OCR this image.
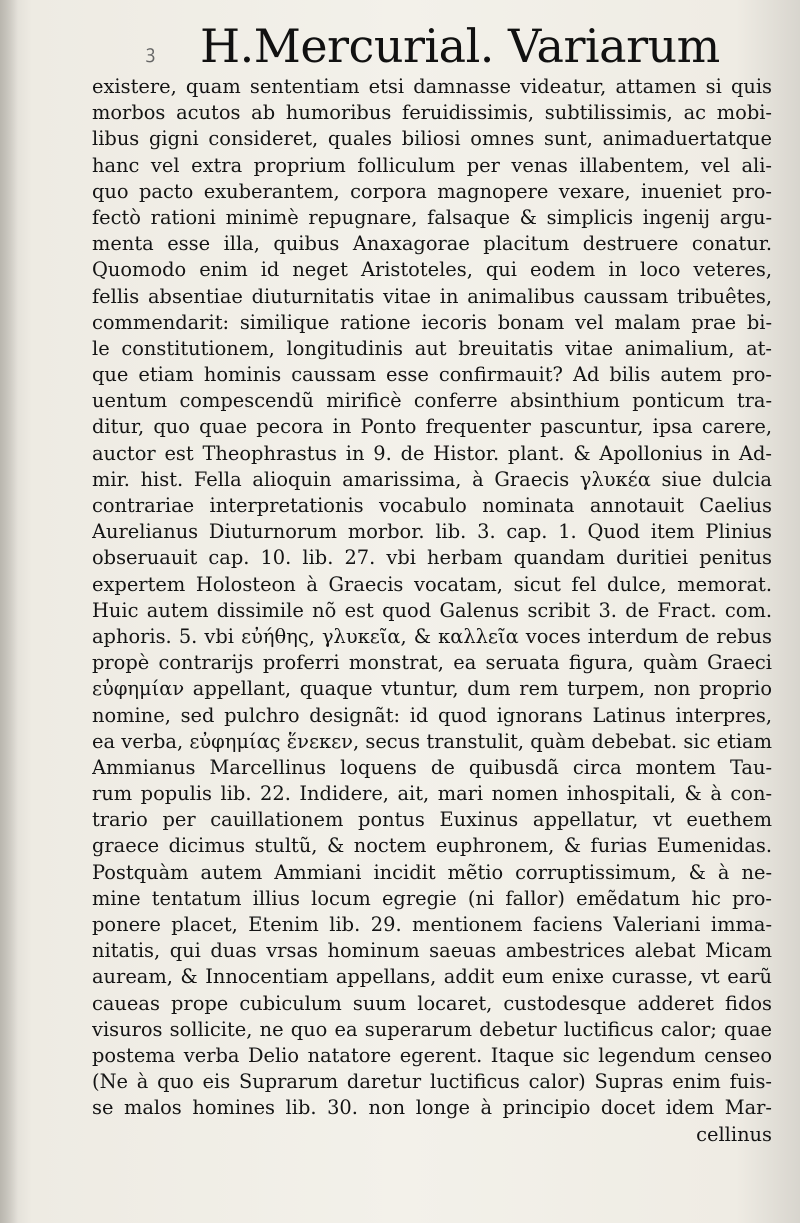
ꝫ H.Mercurial. Variarum
existere, quam sententiam etsi damnasse videatur, attamen si quis
morbos acutos ab humoribus feruidissimis, subtilissimis, ac mobi-
libus gigni consideret, quales biliosi omnes sunt, animaduertatque
hanc vel extra proprium folliculum per venas illabentem, vel ali-
quo pacto exuberantem, corpora magnopere vexare, inueniet pro-
fectò rationi minimè repugnare, falsaque & simplicis ingenij argu-
menta esse illa, quibus Anaxagorae placitum destruere conatur.
Quomodo enim id neget Aristoteles, qui eodem in loco veteres,
fellis absentiae diuturnitatis vitae in animalibus caussam tribuêtes,
commendarit: similique ratione iecoris bonam vel malam prae bi-
le constitutionem, longitudinis aut breuitatis vitae animalium, at-
que etiam hominis caussam esse confirmauit? Ad bilis autem pro-
uentum compescendũ mirificè conferre absinthium ponticum tra-
ditur, quo quae pecora in Ponto frequenter pascuntur, ipsa carere,
auctor est Theophrastus in 9. de Histor. plant. & Apollonius in Ad-
mir. hist. Fella alioquin amarissima, à Graecis γλυκέα siue dulcia
contrariae interpretationis vocabulo nominata annotauit Caelius
Aurelianus Diuturnorum morbor. lib. 3. cap. 1. Quod item Plinius
obseruauit cap. 10. lib. 27. vbi herbam quandam duritiei penitus
expertem Holosteon à Graecis vocatam, sicut fel dulce, memorat.
Huic autem dissimile nõ est quod Galenus scribit 3. de Fract. com.
aphoris. 5. vbi εὐήθης, γλυκεῖα, & καλλεῖα voces interdum de rebus
propè contrarijs proferri monstrat, ea seruata figura, quàm Graeci
εὐφημίαν appellant, quaque vtuntur, dum rem turpem, non proprio
nomine, sed pulchro designãt: id quod ignorans Latinus interpres,
ea verba, εὐφημίας ἕνεκεν, secus transtulit, quàm debebat. sic etiam
Ammianus Marcellinus loquens de quibusdã circa montem Tau-
rum populis lib. 22. Indidere, ait, mari nomen inhospitali, & à con-
trario per cauillationem pontus Euxinus appellatur, vt euethem
graece dicimus stultũ, & noctem euphronem, & furias Eumenidas.
Postquàm autem Ammiani incidit mẽtio corruptissimum, & à ne-
mine tentatum illius locum egregie (ni fallor) emẽdatum hic pro-
ponere placet, Etenim lib. 29. mentionem faciens Valeriani imma-
nitatis, qui duas vrsas hominum saeuas ambestrices alebat Micam
auream, & Innocentiam appellans, addit eum enixe curasse, vt earũ
caueas prope cubiculum suum locaret, custodesque adderet fidos
visuros sollicite, ne quo ea superarum debetur luctificus calor; quae
postema verba Delio natatore egerent. Itaque sic legendum censeo
(Ne à quo eis Suprarum daretur luctificus calor) Supras enim fuis-
se malos homines lib. 30. non longe à principio docet idem Mar-
cellinus
